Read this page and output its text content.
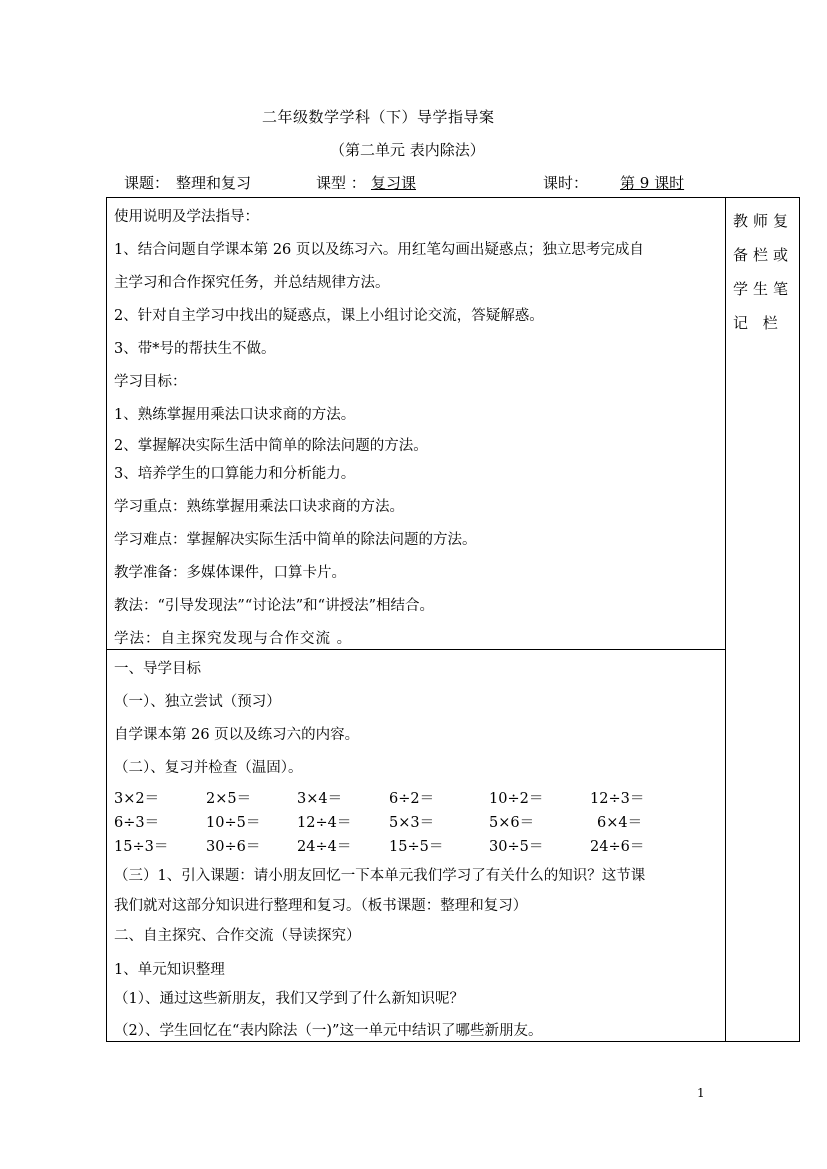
二年级数学学科（下）导学指导案
（第二单元 表内除法）
课题： 整理和复习	课型 ： 复习课	课时：	第 9 课时
教师复
备栏或
学生笔
记 栏
使用说明及学法指导：
1、结合问题自学课本第 26 页以及练习六。用红笔勾画出疑惑点；独立思考完成自
主学习和合作探究任务，并总结规律方法。
2、针对自主学习中找出的疑惑点，课上小组讨论交流，答疑解惑。
3、带*号的帮扶生不做。
学习目标：
1、熟练掌握用乘法口诀求商的方法。
2、掌握解决实际生活中简单的除法问题的方法。
3、培养学生的口算能力和分析能力。
学习重点：熟练掌握用乘法口诀求商的方法。
学习难点：掌握解决实际生活中简单的除法问题的方法。
教学准备：多媒体课件，口算卡片。
教法：“引导发现法”“讨论法”和“讲授法”相结合。
学法：自主探究发现与合作交流 。
一、导学目标
（一）、独立尝试（预习）
自学课本第 26 页以及练习六的内容。
（二）、复习并检查（温固）。
3×2＝	2×5＝	3×4＝	6÷2＝	10÷2＝	12÷3＝
6÷3＝	10÷5＝	12÷4＝	5×3＝	5×6＝	6×4＝
15÷3＝	30÷6＝	24÷4＝	15÷5＝	30÷5＝	24÷6＝
（三）1、引入课题：请小朋友回忆一下本单元我们学习了有关什么的知识？这节课
我们就对这部分知识进行整理和复习。（板书课题：整理和复习）
二、自主探究、合作交流（导读探究）
1、单元知识整理
（1）、通过这些新朋友，我们又学到了什么新知识呢？
（2）、学生回忆在“表内除法（一)”这一单元中结识了哪些新朋友。
1
